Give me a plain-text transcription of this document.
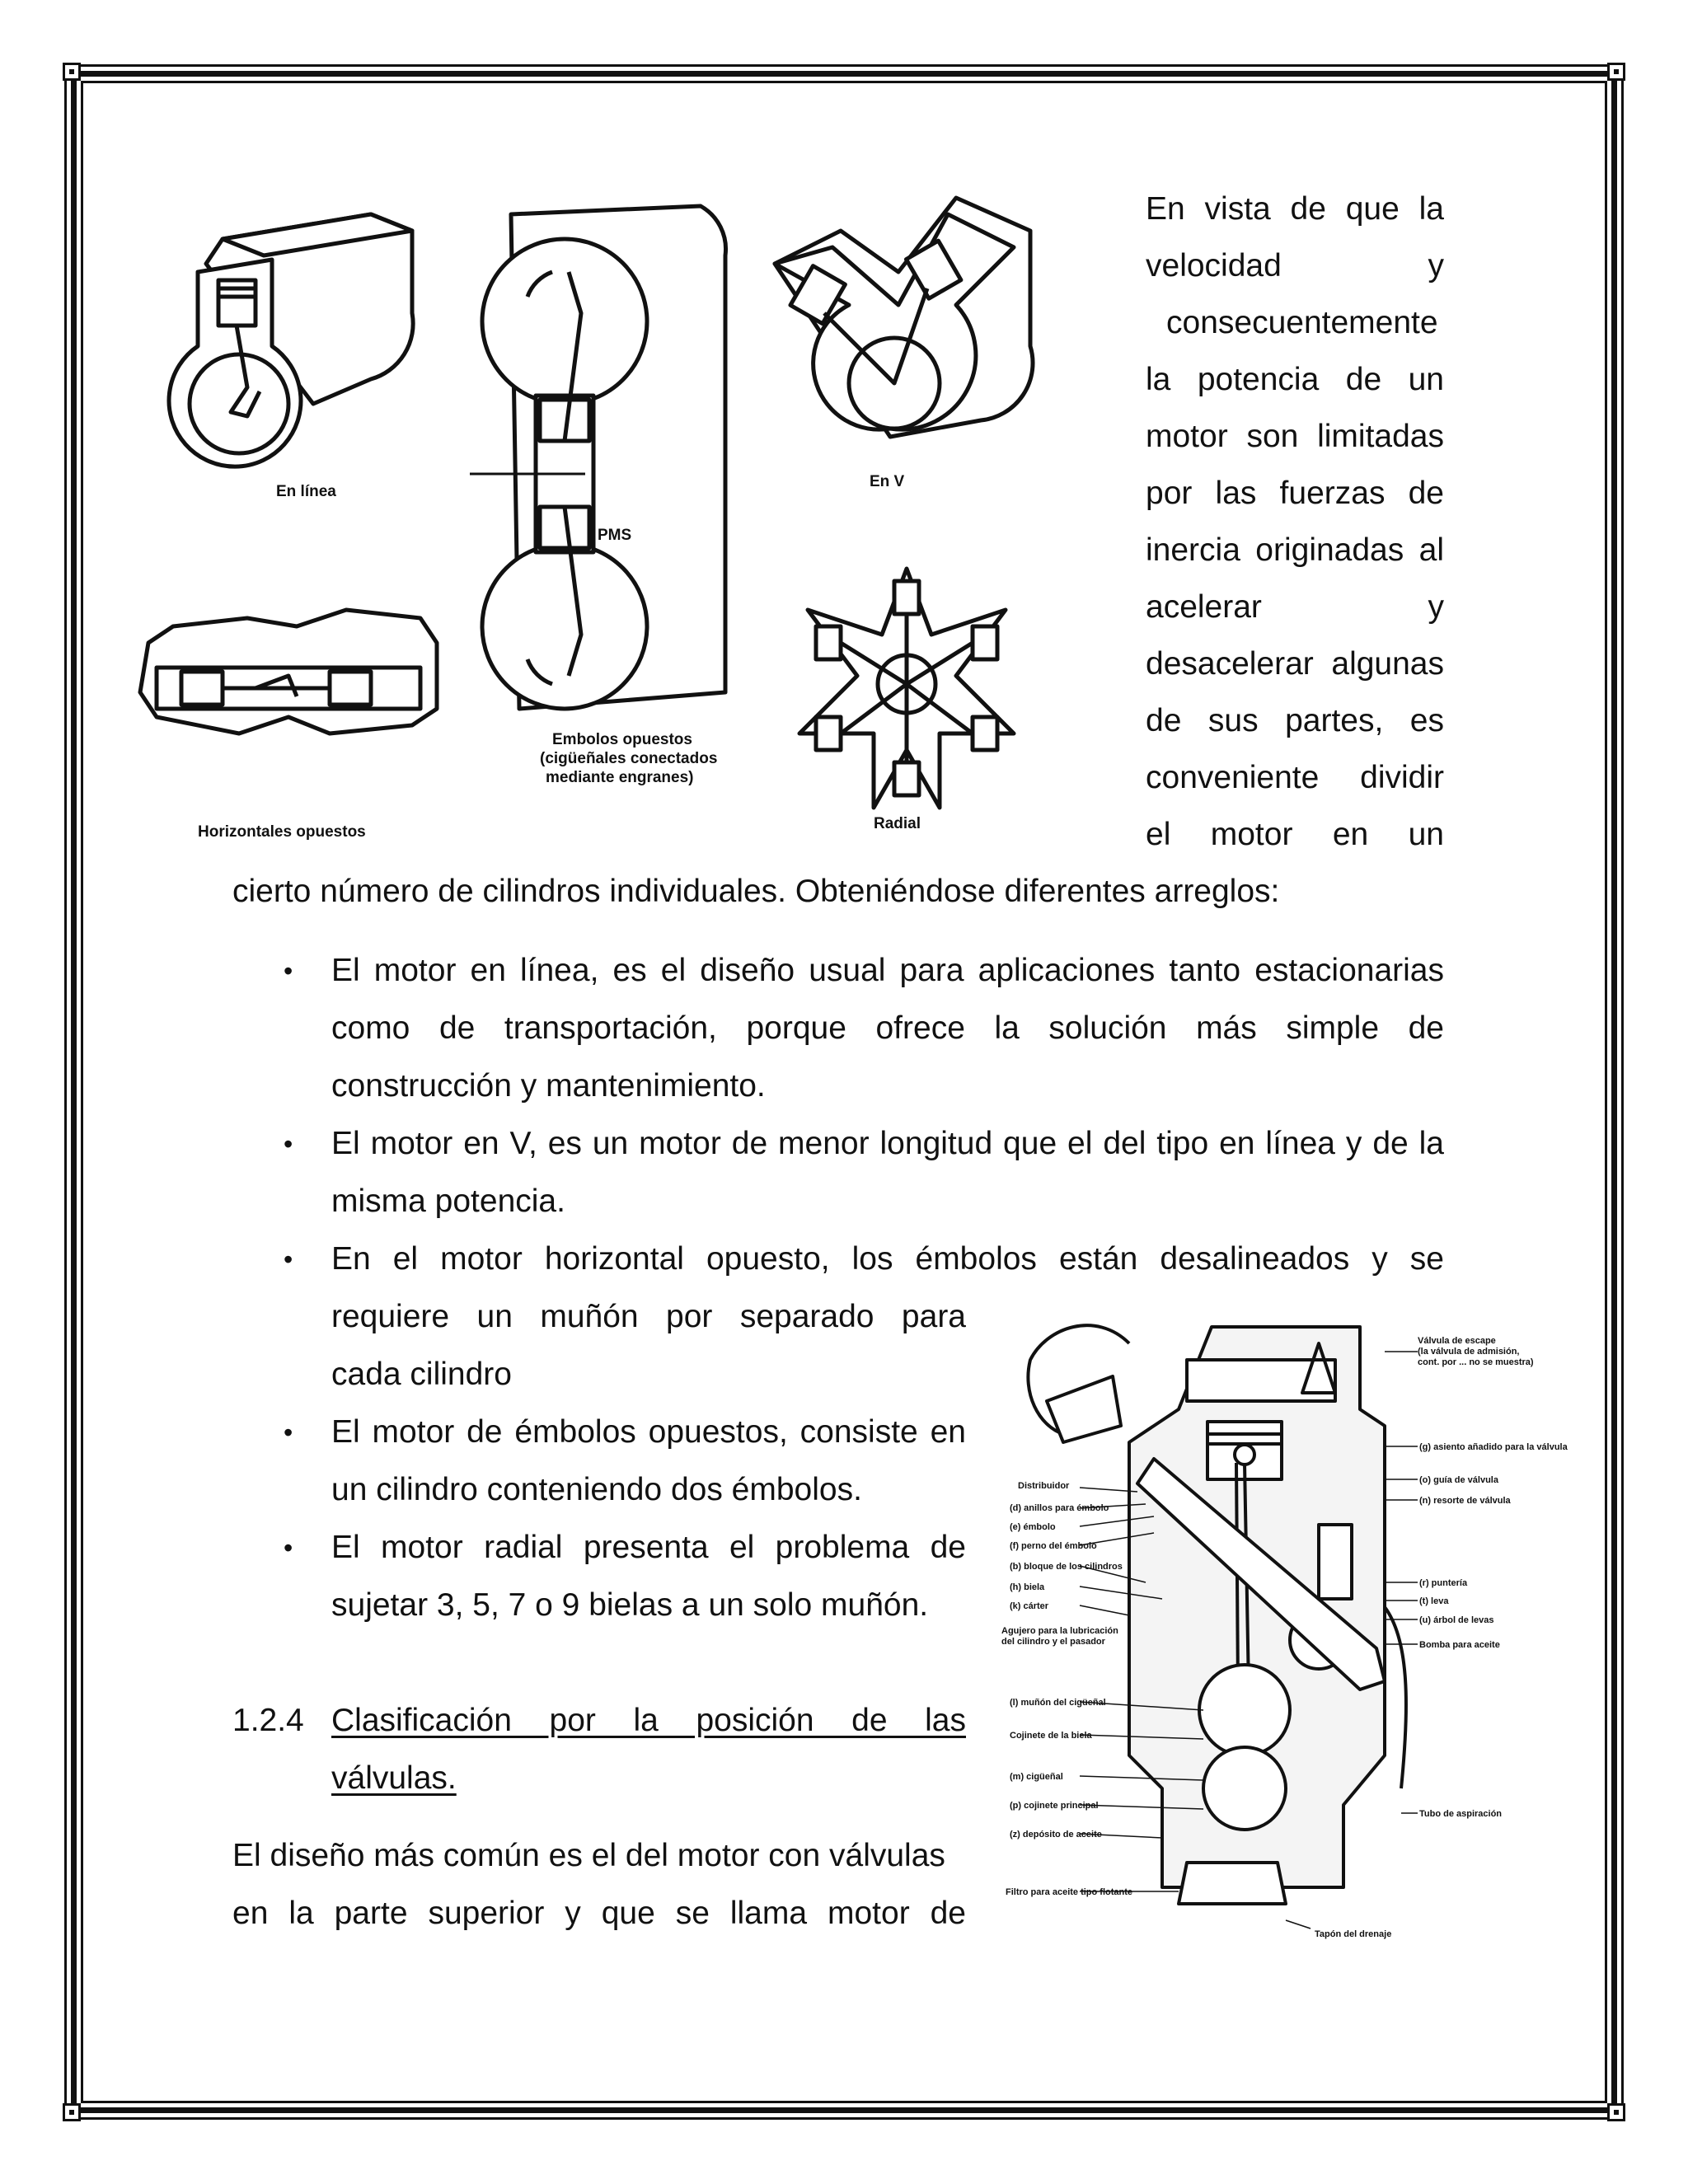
En línea
En V
PMS
Horizontales opuestos
Embolos opuestos
(cigüeñales conectados
mediante engranes)
Radial
En vista de que la
velocidad y
consecuentemente
la potencia de un
motor son limitadas
por las fuerzas de
inercia originadas al
acelerar y
desacelerar algunas
de sus partes, es
conveniente dividir
el motor en un
cierto número de cilindros individuales. Obteniéndose diferentes arreglos:
• El motor en línea, es el diseño usual para aplicaciones tanto estacionarias
como de transportación, porque ofrece la solución más simple de
construcción y mantenimiento.
• El motor en V, es un motor de menor longitud que el del tipo en línea y de la
misma potencia.
• En el motor horizontal opuesto, los émbolos están desalineados y se
requiere un muñón por separado para
cada cilindro
• El motor de émbolos opuestos, consiste en
un cilindro conteniendo dos émbolos.
• El motor radial presenta el problema de
sujetar 3, 5, 7 o 9 bielas a un solo muñón.
1.2.4 Clasificación por la posición de las
válvulas.
El diseño más común es el del motor con válvulas
en la parte superior y que se llama motor de
Válvula de escape
(la válvula de admisión,
cont. por ... no se muestra)
(g) asiento añadido para la válvula
(o) guía de válvula
(n) resorte de válvula
Distribuidor
(d) anillos para émbolo
(e) émbolo
(f) perno del émbolo
(b) bloque de los cilindros
(h) biela
(k) cárter
Agujero para la lubricación
del cilindro y el pasador
(l) muñón del cigüeñal
Cojinete de la biela
(m) cigüeñal
(p) cojinete principal
(z) depósito de aceite
Filtro para aceite tipo flotante
(r) puntería
(t) leva
(u) árbol de levas
Bomba para aceite
Tubo de aspiración
Tapón del drenaje
